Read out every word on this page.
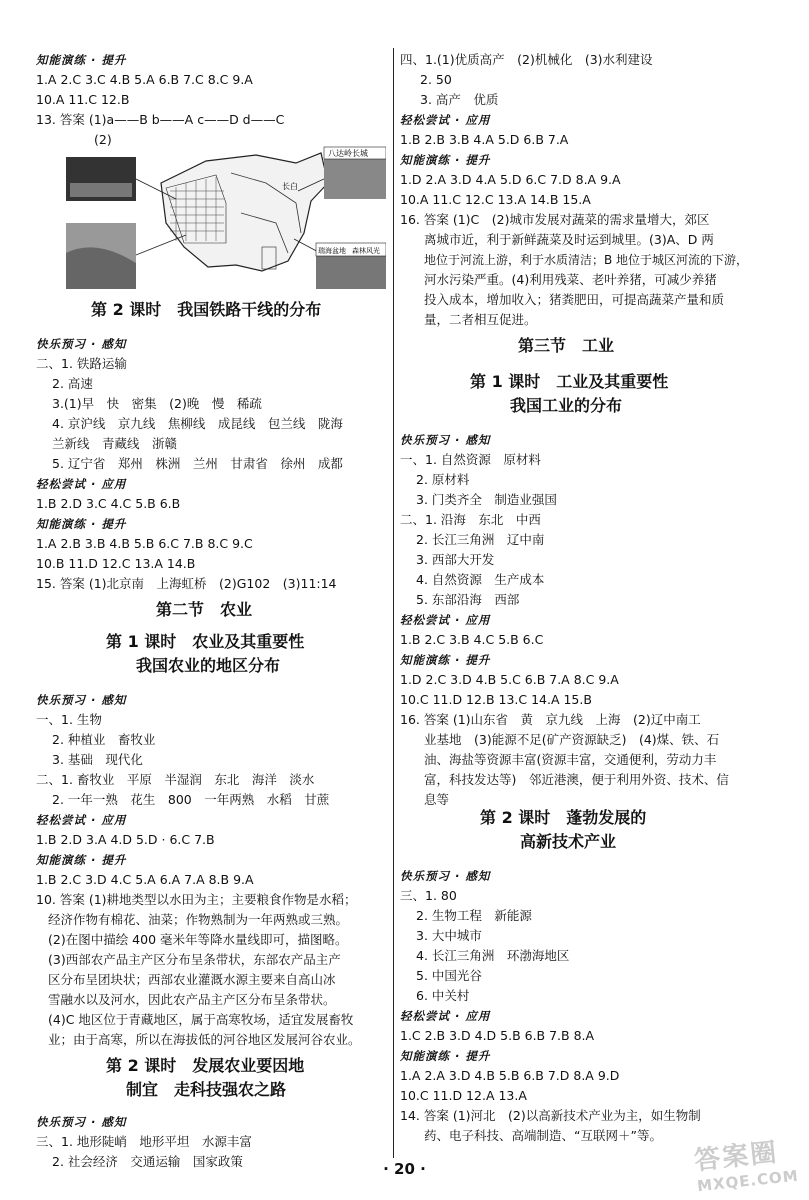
知能演练 · 提升
1.A 2.C 3.C 4.B 5.A 6.B 7.C 8.C 9.A
10.A 11.C 12.B
13. 答案 (1)a——B b——A c——D d——C
(2)
八达岭长城
长白
瑞海盆地 森林风光
第 2 课时　我国铁路干线的分布
快乐预习 · 感知
二、1. 铁路运输
2. 高速
3.(1)早　快　密集　(2)晚　慢　稀疏
4. 京沪线　京九线　焦柳线　成昆线　包兰线　陇海
兰新线　青藏线　浙赣
5. 辽宁省　郑州　株洲　兰州　甘肃省　徐州　成都
轻松尝试 · 应用
1.B 2.D 3.C 4.C 5.B 6.B
知能演练 · 提升
1.A 2.B 3.B 4.B 5.B 6.C 7.B 8.C 9.C
10.B 11.D 12.C 13.A 14.B
15. 答案 (1)北京南　上海虹桥　(2)G102　(3)11:14
第二节　农业
第 1 课时　农业及其重要性
我国农业的地区分布
快乐预习 · 感知
一、1. 生物
2. 种植业　畜牧业
3. 基础　现代化
二、1. 畜牧业　平原　半湿润　东北　海洋　淡水
2. 一年一熟　花生　800　一年两熟　水稻　甘蔗
轻松尝试 · 应用
1.B 2.D 3.A 4.D 5.D · 6.C 7.B
知能演练 · 提升
1.B 2.C 3.D 4.C 5.A 6.A 7.A 8.B 9.A
10. 答案 (1)耕地类型以水田为主；主要粮食作物是水稻；
经济作物有棉花、油菜；作物熟制为一年两熟或三熟。
(2)在图中描绘 400 毫米年等降水量线即可，描图略。
(3)西部农产品主产区分布呈条带状，东部农产品主产
区分布呈团块状；西部农业灌溉水源主要来自高山冰
雪融水以及河水，因此农产品主产区分布呈条带状。
(4)C 地区位于青藏地区，属于高寒牧场，适宜发展畜牧
业；由于高寒，所以在海拔低的河谷地区发展河谷农业。
第 2 课时　发展农业要因地
制宜　走科技强农之路
快乐预习 · 感知
三、1. 地形陡峭　地形平坦　水源丰富
2. 社会经济　交通运输　国家政策
四、1.(1)优质高产　(2)机械化　(3)水利建设
2. 50
3. 高产　优质
轻松尝试 · 应用
1.B 2.B 3.B 4.A 5.D 6.B 7.A
知能演练 · 提升
1.D 2.A 3.D 4.A 5.D 6.C 7.D 8.A 9.A
10.A 11.C 12.C 13.A 14.B 15.A
16. 答案 (1)C　(2)城市发展对蔬菜的需求量增大，郊区
离城市近，利于新鲜蔬菜及时运到城里。(3)A、D 两
地位于河流上游，利于水质清洁；B 地位于城区河流的下游，
河水污染严重。(4)利用残菜、老叶养猪，可减少养猪
投入成本，增加收入；猪粪肥田，可提高蔬菜产量和质
量，二者相互促进。
第三节　工业
第 1 课时　工业及其重要性
我国工业的分布
快乐预习 · 感知
一、1. 自然资源　原材料
2. 原材料
3. 门类齐全　制造业强国
二、1. 沿海　东北　中西
2. 长江三角洲　辽中南
3. 西部大开发
4. 自然资源　生产成本
5. 东部沿海　西部
轻松尝试 · 应用
1.B 2.C 3.B 4.C 5.B 6.C
知能演练 · 提升
1.D 2.C 3.D 4.B 5.C 6.B 7.A 8.C 9.A
10.C 11.D 12.B 13.C 14.A 15.B
16. 答案 (1)山东省　黄　京九线　上海　(2)辽中南工
业基地　(3)能源不足(矿产资源缺乏)　(4)煤、铁、石
油、海盐等资源丰富(资源丰富，交通便利，劳动力丰
富，科技发达等)　邻近港澳，便于利用外资、技术、信
息等
第 2 课时　蓬勃发展的
高新技术产业
快乐预习 · 感知
三、1. 80
2. 生物工程　新能源
3. 大中城市
4. 长江三角洲　环渤海地区
5. 中国光谷
6. 中关村
轻松尝试 · 应用
1.C 2.B 3.D 4.D 5.B 6.B 7.B 8.A
知能演练 · 提升
1.A 2.A 3.D 4.B 5.B 6.B 7.D 8.A 9.D
10.C 11.D 12.A 13.A
14. 答案 (1)河北　(2)以高新技术产业为主，如生物制
药、电子科技、高端制造、“互联网＋”等。
· 20 ·	答案圈
MXQE.COM
